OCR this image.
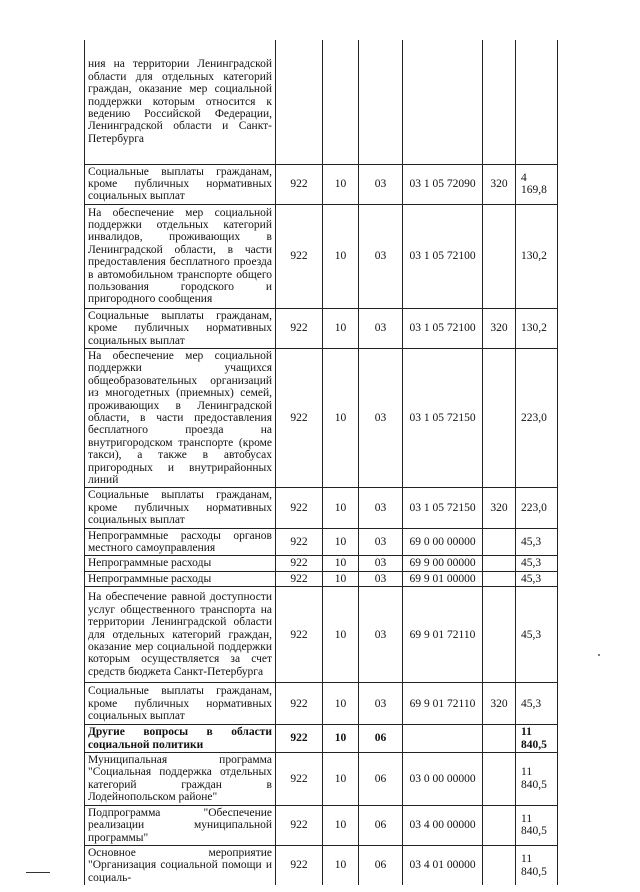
ния на территории Ленинградской области для отдельных категорий граждан, оказание мер социальной поддержки которым относится к ведению Российской Федерации, Ленинградской области и Санкт-Петербурга						
Социальные выплаты гражданам, кроме публичных нормативных социальных выплат	922	10	03	03 1 05 72090	320	4 169,8
На обеспечение мер социальной поддержки отдельных категорий инвалидов, проживающих в Ленинградской области, в части предоставления бесплатного проезда в автомобильном транспорте общего пользования городского и пригородного сообщения	922	10	03	03 1 05 72100		130,2
Социальные выплаты гражданам, кроме публичных нормативных социальных выплат	922	10	03	03 1 05 72100	320	130,2
На обеспечение мер социальной поддержки учащихся общеобразовательных организаций из многодетных (приемных) семей, проживающих в Ленинградской области, в части предоставления бесплатного проезда на внутригородском транспорте (кроме такси), а также в автобусах пригородных и внутрирайонных линий	922	10	03	03 1 05 72150		223,0
Социальные выплаты гражданам, кроме публичных нормативных социальных выплат	922	10	03	03 1 05 72150	320	223,0
Непрограммные расходы органов местного самоуправления	922	10	03	69 0 00 00000		45,3
Непрограммные расходы	922	10	03	69 9 00 00000		45,3
Непрограммные расходы	922	10	03	69 9 01 00000		45,3
На обеспечение равной доступности услуг общественного транспорта на территории Ленинградской области для отдельных категорий граждан, оказание мер социальной поддержки которым осуществляется за счет средств бюджета Санкт-Петербурга	922	10	03	69 9 01 72110		45,3
Социальные выплаты гражданам, кроме публичных нормативных социальных выплат	922	10	03	69 9 01 72110	320	45,3
Другие вопросы в области социальной политики	922	10	06			11 840,5
Муниципальная программа "Социальная поддержка отдельных категорий граждан в Лодейнопольском районе"	922	10	06	03 0 00 00000		11 840,5
Подпрограмма "Обеспечение реализации муниципальной программы"	922	10	06	03 4 00 00000		11 840,5
Основное мероприятие "Организация социальной помощи и социаль-	922	10	06	03 4 01 00000		11 840,5
